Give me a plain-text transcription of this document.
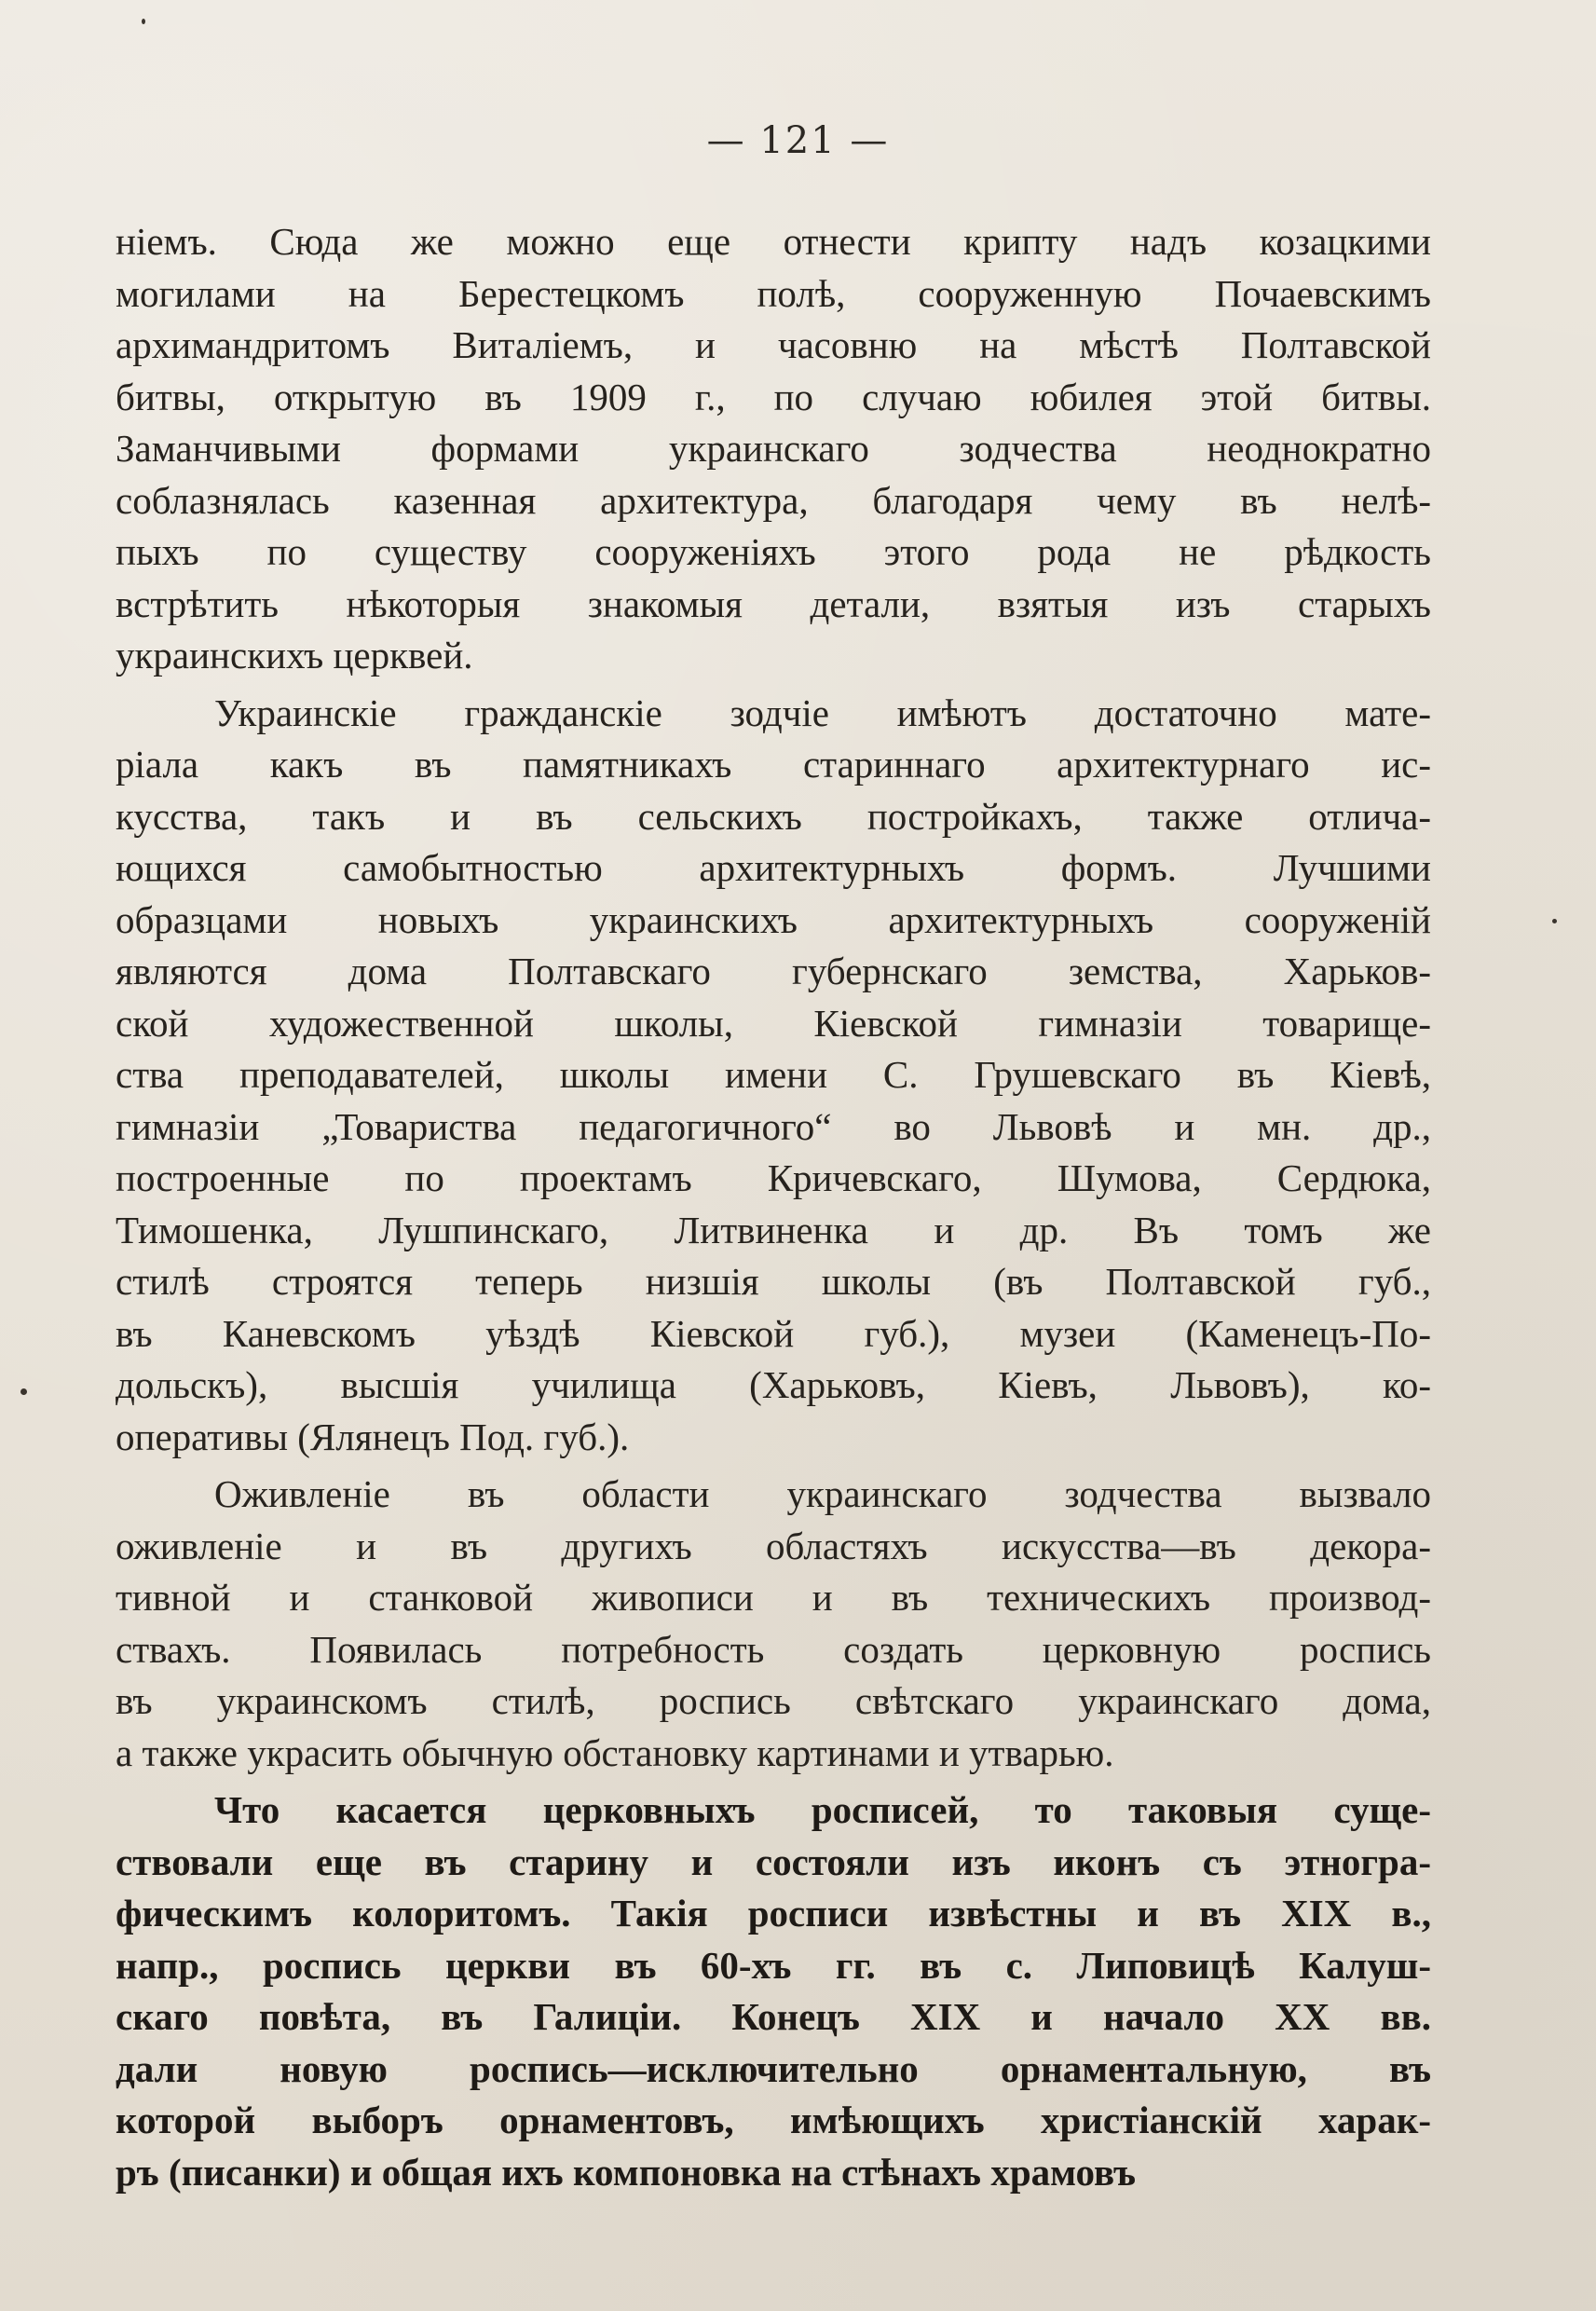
— 121 —
ніемъ. Сюда же можно еще отнести крипту надъ козацкими
могилами на Берестецкомъ полѣ, сооруженную Почаевскимъ
архимандритомъ Виталіемъ, и часовню на мѣстѣ Полтавской
битвы, открытую въ 1909 г., по случаю юбилея этой битвы.
Заманчивыми формами украинскаго зодчества неоднократно
соблазнялась казенная архитектура, благодаря чему въ нелѣ-
пыхъ по существу сооруженіяхъ этого рода не рѣдкость
встрѣтить нѣкоторыя знакомыя детали, взятыя изъ старыхъ
украинскихъ церквей.
Украинскіе гражданскіе зодчіе имѣютъ достаточно мате-
ріала какъ въ памятникахъ стариннаго архитектурнаго ис-
кусства, такъ и въ сельскихъ постройкахъ, также отлича-
ющихся самобытностью архитектурныхъ формъ. Лучшими
образцами новыхъ украинскихъ архитектурныхъ сооруженій
являются дома Полтавскаго губернскаго земства, Харьков-
ской художественной школы, Кіевской гимназіи товарище-
ства преподавателей, школы имени С. Грушевскаго въ Кіевѣ,
гимназіи „Товариства педагогичного“ во Львовѣ и мн. др.,
построенные по проектамъ Кричевскаго, Шумова, Сердюка,
Тимошенка, Лушпинскаго, Литвиненка и др. Въ томъ же
стилѣ строятся теперь низшія школы (въ Полтавской губ.,
въ Каневскомъ уѣздѣ Кіевской губ.), музеи (Каменецъ-По-
дольскъ), высшія училища (Харьковъ, Кіевъ, Львовъ), ко-
оперативы (Ялянецъ Под. губ.).
Оживленіе въ области украинскаго зодчества вызвало
оживленіе и въ другихъ областяхъ искусства—въ декора-
тивной и станковой живописи и въ техническихъ производ-
ствахъ. Появилась потребность создать церковную роспись
въ украинскомъ стилѣ, роспись свѣтскаго украинскаго дома,
а также украсить обычную обстановку картинами и утварью.
Что касается церковныхъ росписей, то таковыя суще-
ствовали еще въ старину и состояли изъ иконъ съ этногра-
фическимъ колоритомъ. Такія росписи извѣстны и въ XIX в.,
напр., роспись церкви въ 60-хъ гг. въ с. Липовицѣ Калуш-
скаго повѣта, въ Галиціи. Конецъ XIX и начало XX вв.
дали новую роспись—исключительно орнаментальную, въ
которой выборъ орнаментовъ, имѣющихъ христіанскій харак-
ръ (писанки) и общая ихъ компоновка на стѣнахъ храмовъ
